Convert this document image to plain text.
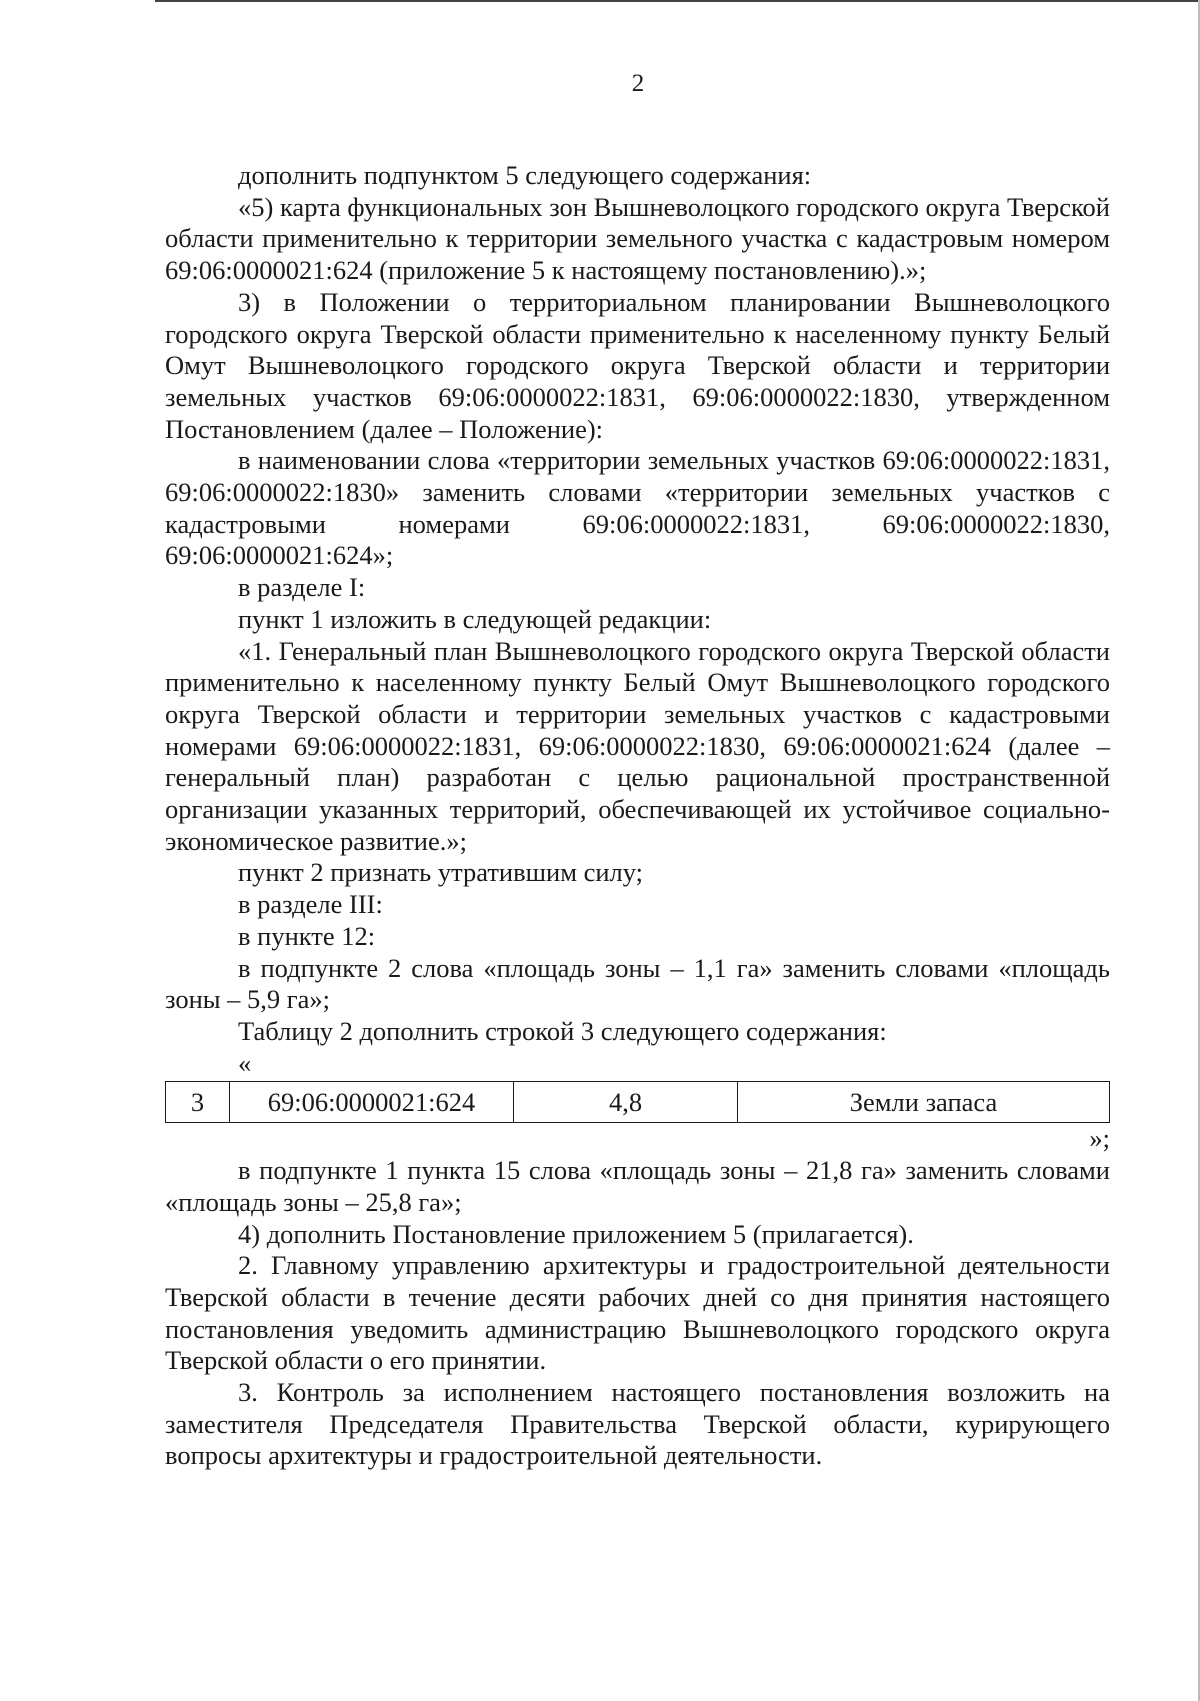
2

дополнить подпунктом 5 следующего содержания:

«5) карта функциональных зон Вышневолоцкого городского округа Тверской области применительно к территории земельного участка с кадастровым номером 69:06:0000021:624 (приложение 5 к настоящему постановлению).»;

3) в Положении о территориальном планировании Вышневолоцкого городского округа Тверской области применительно к населенному пункту Белый Омут Вышневолоцкого городского округа Тверской области и территории земельных участков 69:06:0000022:1831, 69:06:0000022:1830, утвержденном Постановлением (далее – Положение):

в наименовании слова «территории земельных участков 69:06:0000022:1831, 69:06:0000022:1830» заменить словами «территории земельных участков с кадастровыми номерами 69:06:0000022:1831, 69:06:0000022:1830, 69:06:0000021:624»;

в разделе I:

пункт 1 изложить в следующей редакции:

«1. Генеральный план Вышневолоцкого городского округа Тверской области применительно к населенному пункту Белый Омут Вышневолоцкого городского округа Тверской области и территории земельных участков с кадастровыми номерами 69:06:0000022:1831, 69:06:0000022:1830, 69:06:0000021:624 (далее – генеральный план) разработан с целью рациональной пространственной организации указанных территорий, обеспечивающей их устойчивое социально-экономическое развитие.»;

пункт 2 признать утратившим силу;

в разделе III:

в пункте 12:

в подпункте 2 слова «площадь зоны – 1,1 га» заменить словами «площадь зоны – 5,9 га»;

Таблицу 2 дополнить строкой 3 следующего содержания:

«
3	69:06:0000021:624	4,8	Земли запаса
»;

в подпункте 1 пункта 15 слова «площадь зоны – 21,8 га» заменить словами «площадь зоны – 25,8 га»;

4) дополнить Постановление приложением 5 (прилагается).

2. Главному управлению архитектуры и градостроительной деятельности Тверской области в течение десяти рабочих дней со дня принятия настоящего постановления уведомить администрацию Вышневолоцкого городского округа Тверской области о его принятии.

3. Контроль за исполнением настоящего постановления возложить на заместителя Председателя Правительства Тверской области, курирующего вопросы архитектуры и градостроительной деятельности.
